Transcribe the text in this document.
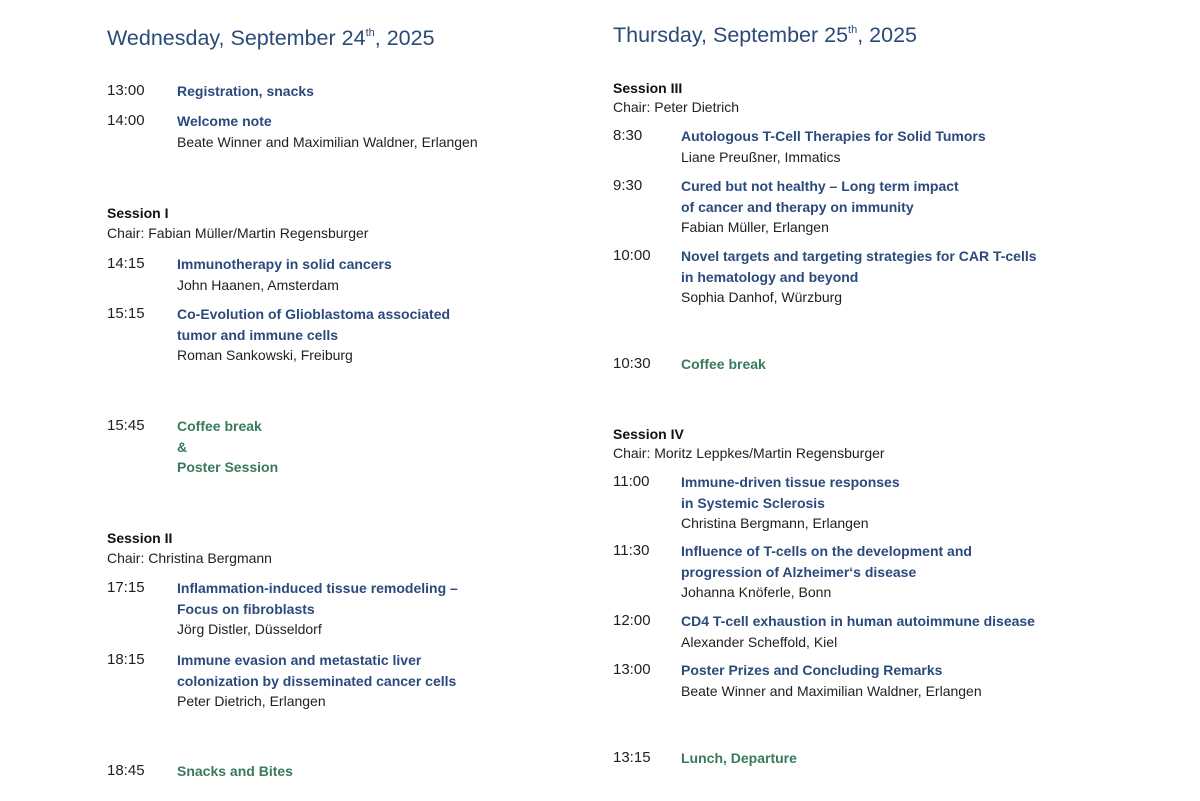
Wednesday, September 24th, 2025
13:00	Registration, snacks
14:00	Welcome note
Beate Winner and Maximilian Waldner, Erlangen
Session I
Chair: Fabian Müller/Martin Regensburger
14:15	Immunotherapy in solid cancers
John Haanen, Amsterdam
15:15	Co-Evolution of Glioblastoma associated
tumor and immune cells
Roman Sankowski, Freiburg
15:45	Coffee break
&
Poster Session
Session II
Chair: Christina Bergmann
17:15	Inflammation-induced tissue remodeling –
Focus on fibroblasts
Jörg Distler, Düsseldorf
18:15	Immune evasion and metastatic liver
colonization by disseminated cancer cells
Peter Dietrich, Erlangen
18:45	Snacks and Bites
Thursday, September 25th, 2025
Session III
Chair: Peter Dietrich
8:30	Autologous T-Cell Therapies for Solid Tumors
Liane Preußner, Immatics
9:30	Cured but not healthy – Long term impact
of cancer and therapy on immunity
Fabian Müller, Erlangen
10:00	Novel targets and targeting strategies for CAR T-cells
in hematology and beyond
Sophia Danhof, Würzburg
10:30	Coffee break
Session IV
Chair: Moritz Leppkes/Martin Regensburger
11:00	Immune-driven tissue responses
in Systemic Sclerosis
Christina Bergmann, Erlangen
11:30	Influence of T-cells on the development and
progression of Alzheimer‘s disease
Johanna Knöferle, Bonn
12:00	CD4 T-cell exhaustion in human autoimmune disease
Alexander Scheffold, Kiel
13:00	Poster Prizes and Concluding Remarks
Beate Winner and Maximilian Waldner, Erlangen
13:15	Lunch, Departure
